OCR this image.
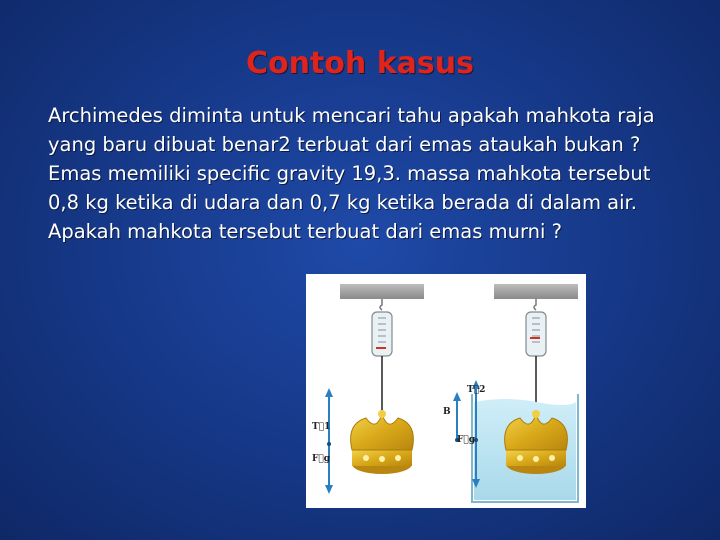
Contoh kasus

Archimedes diminta untuk mencari tahu apakah mahkota raja yang baru dibuat benar2 terbuat dari emas ataukah bukan ? Emas memiliki specific gravity 19,3. massa mahkota tersebut 0,8 kg ketika di udara dan 0,7 kg ketika berada di dalam air. Apakah mahkota tersebut terbuat dari emas murni ?

T⃗1
F⃗g
B
T⃗2
F⃗g
